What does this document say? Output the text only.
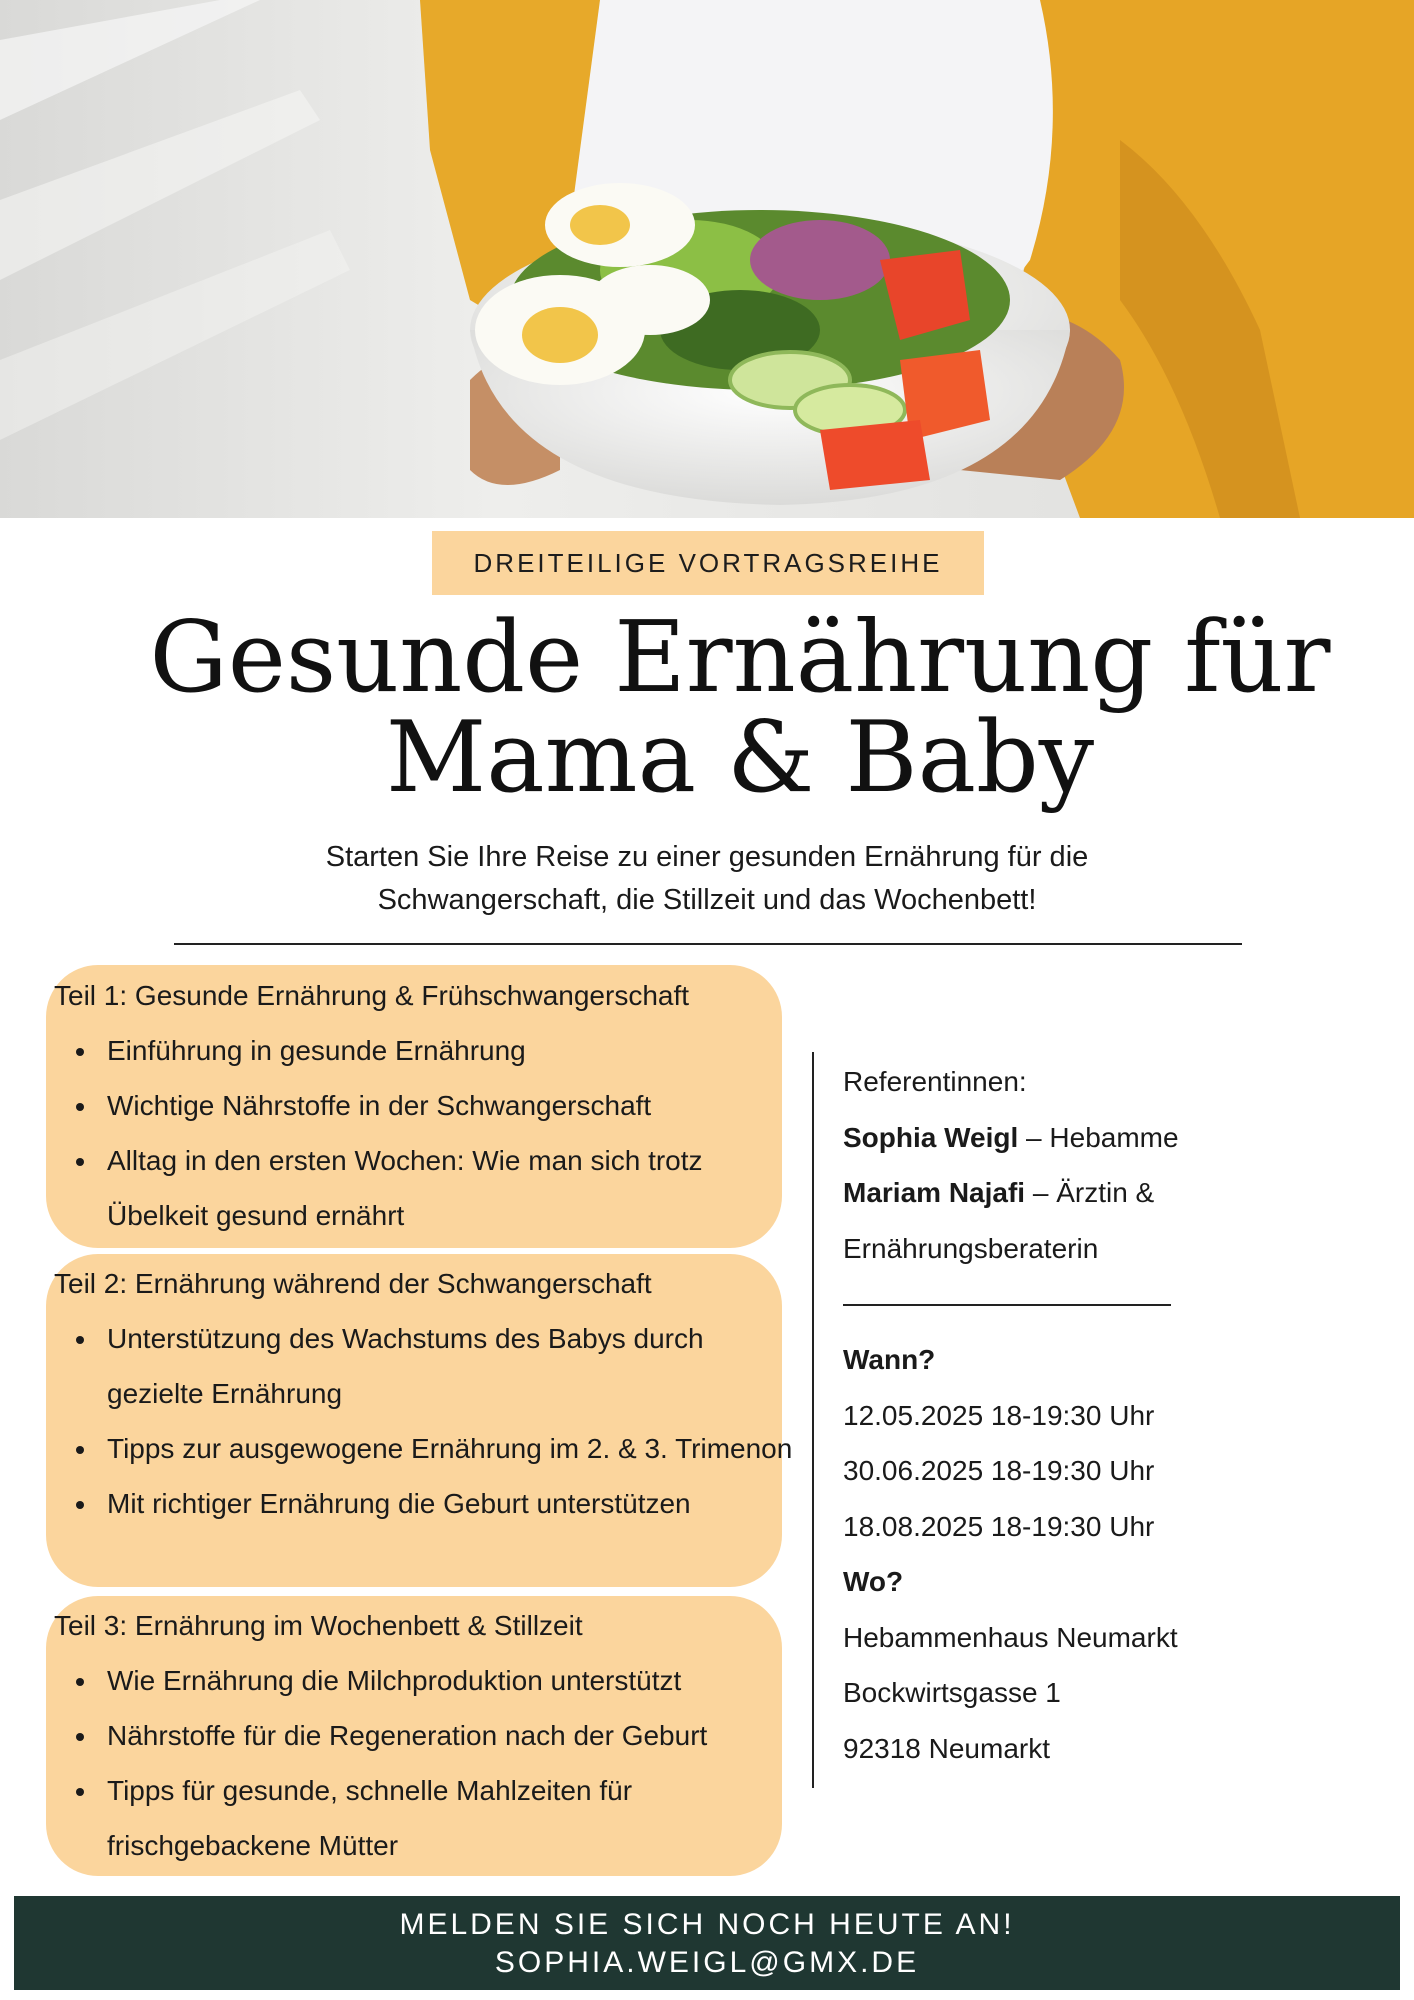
DREITEILIGE VORTRAGSREIHE
Gesunde Ernährung für
Mama & Baby
Starten Sie Ihre Reise zu einer gesunden Ernährung für die
Schwangerschaft, die Stillzeit und das Wochenbett!
Teil 1: Gesunde Ernährung & Frühschwangerschaft
Einführung in gesunde Ernährung
Wichtige Nährstoffe in der Schwangerschaft
Alltag in den ersten Wochen: Wie man sich trotz Übelkeit gesund ernährt
Teil 2: Ernährung während der Schwangerschaft
Unterstützung des Wachstums des Babys durch gezielte Ernährung
Tipps zur ausgewogene Ernährung im 2. & 3. Trimenon
Mit richtiger Ernährung die Geburt unterstützen
Teil 3: Ernährung im Wochenbett & Stillzeit
Wie Ernährung die Milchproduktion unterstützt
Nährstoffe für die Regeneration nach der Geburt
Tipps für gesunde, schnelle Mahlzeiten für frischgebackene Mütter
Referentinnen:
Sophia Weigl – Hebamme
Mariam Najafi – Ärztin &
Ernährungsberaterin
Wann?
12.05.2025 18-19:30 Uhr
30.06.2025 18-19:30 Uhr
18.08.2025 18-19:30 Uhr
Wo?
Hebammenhaus Neumarkt
Bockwirtsgasse 1
92318 Neumarkt
MELDEN SIE SICH NOCH HEUTE AN!
SOPHIA.WEIGL@GMX.DE
